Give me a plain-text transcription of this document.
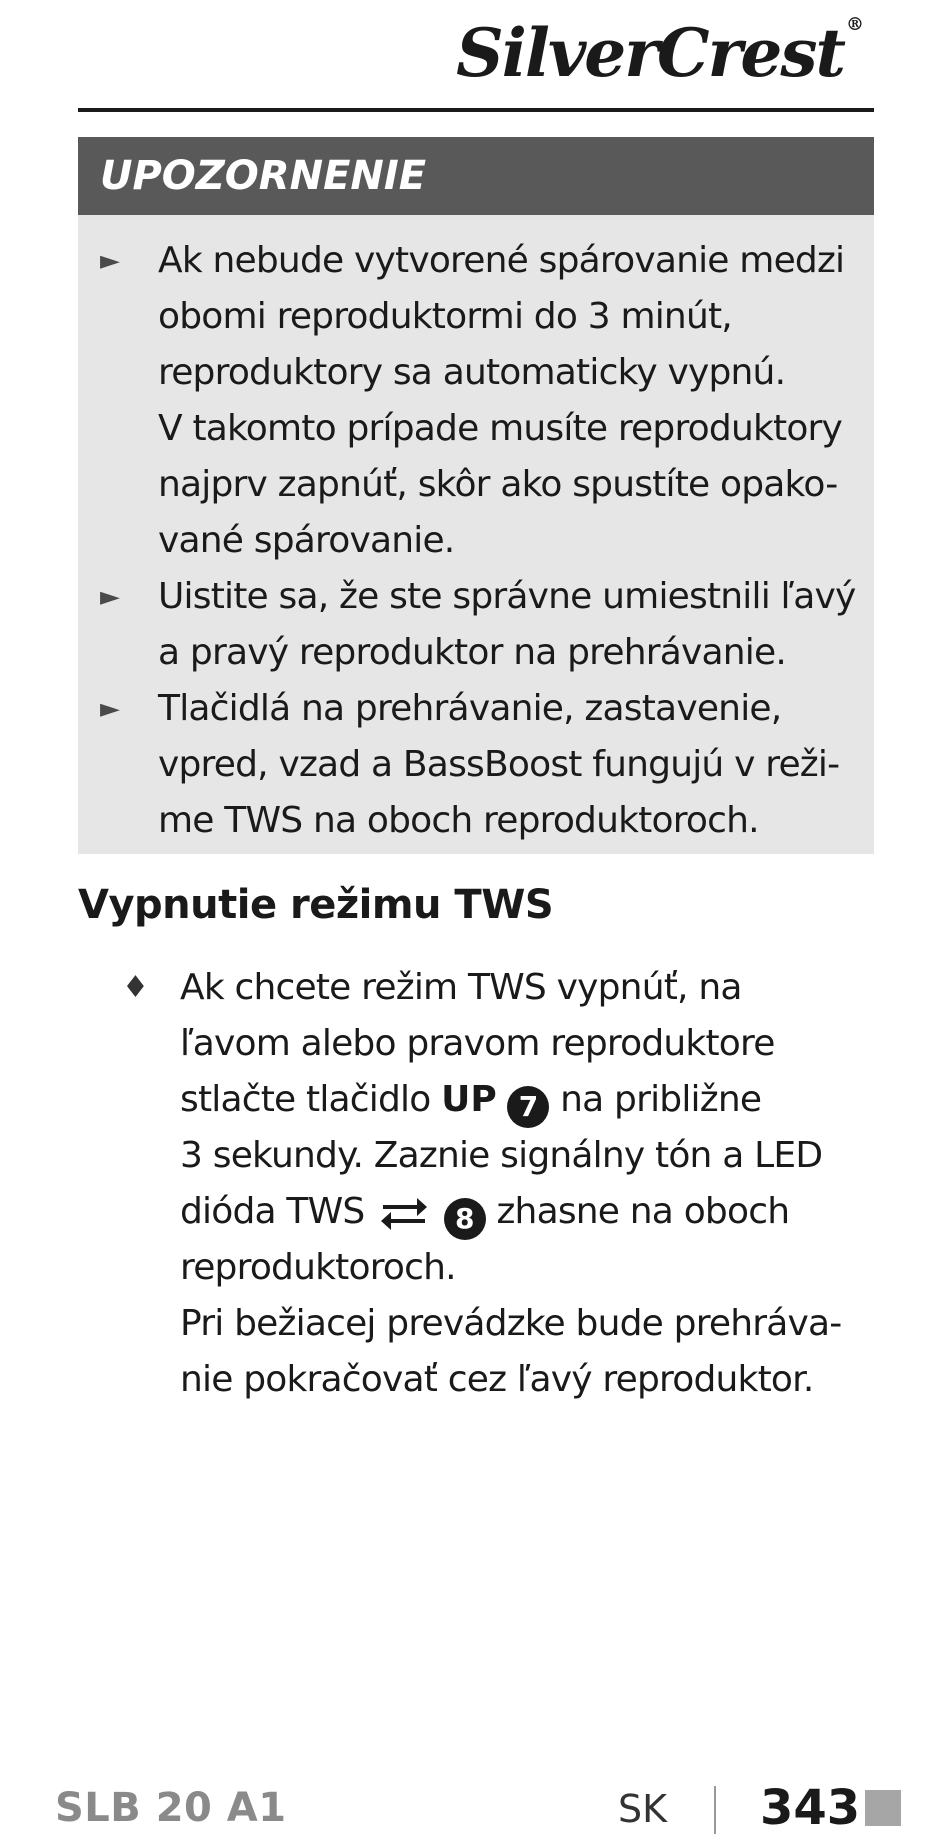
SilverCrest ®
UPOZORNENIE
►	Ak nebude vytvorené spárovanie medzi
obomi reproduktormi do 3 minút,
reproduktory sa automaticky vypnú.
V takomto prípade musíte reproduktory
najprv zapnúť, skôr ako spustíte opako-
vané spárovanie.
►	Uistite sa, že ste správne umiestnili ľavý
a pravý reproduktor na prehrávanie.
►	Tlačidlá na prehrávanie, zastavenie,
vpred, vzad a BassBoost fungujú v reži-
me TWS na oboch reproduktoroch.
Vypnutie režimu TWS
♦ Ak chcete režim TWS vypnúť, na
ľavom alebo pravom reproduktore
stlačte tlačidlo UP 7 na približne
3 sekundy. Zaznie signálny tón a LED
dióda TWS	8 zhasne na oboch
reproduktoroch.
Pri bežiacej prevádzke bude prehráva-
nie pokračovať cez ľavý reproduktor.
SLB 20 A1	SK 343
